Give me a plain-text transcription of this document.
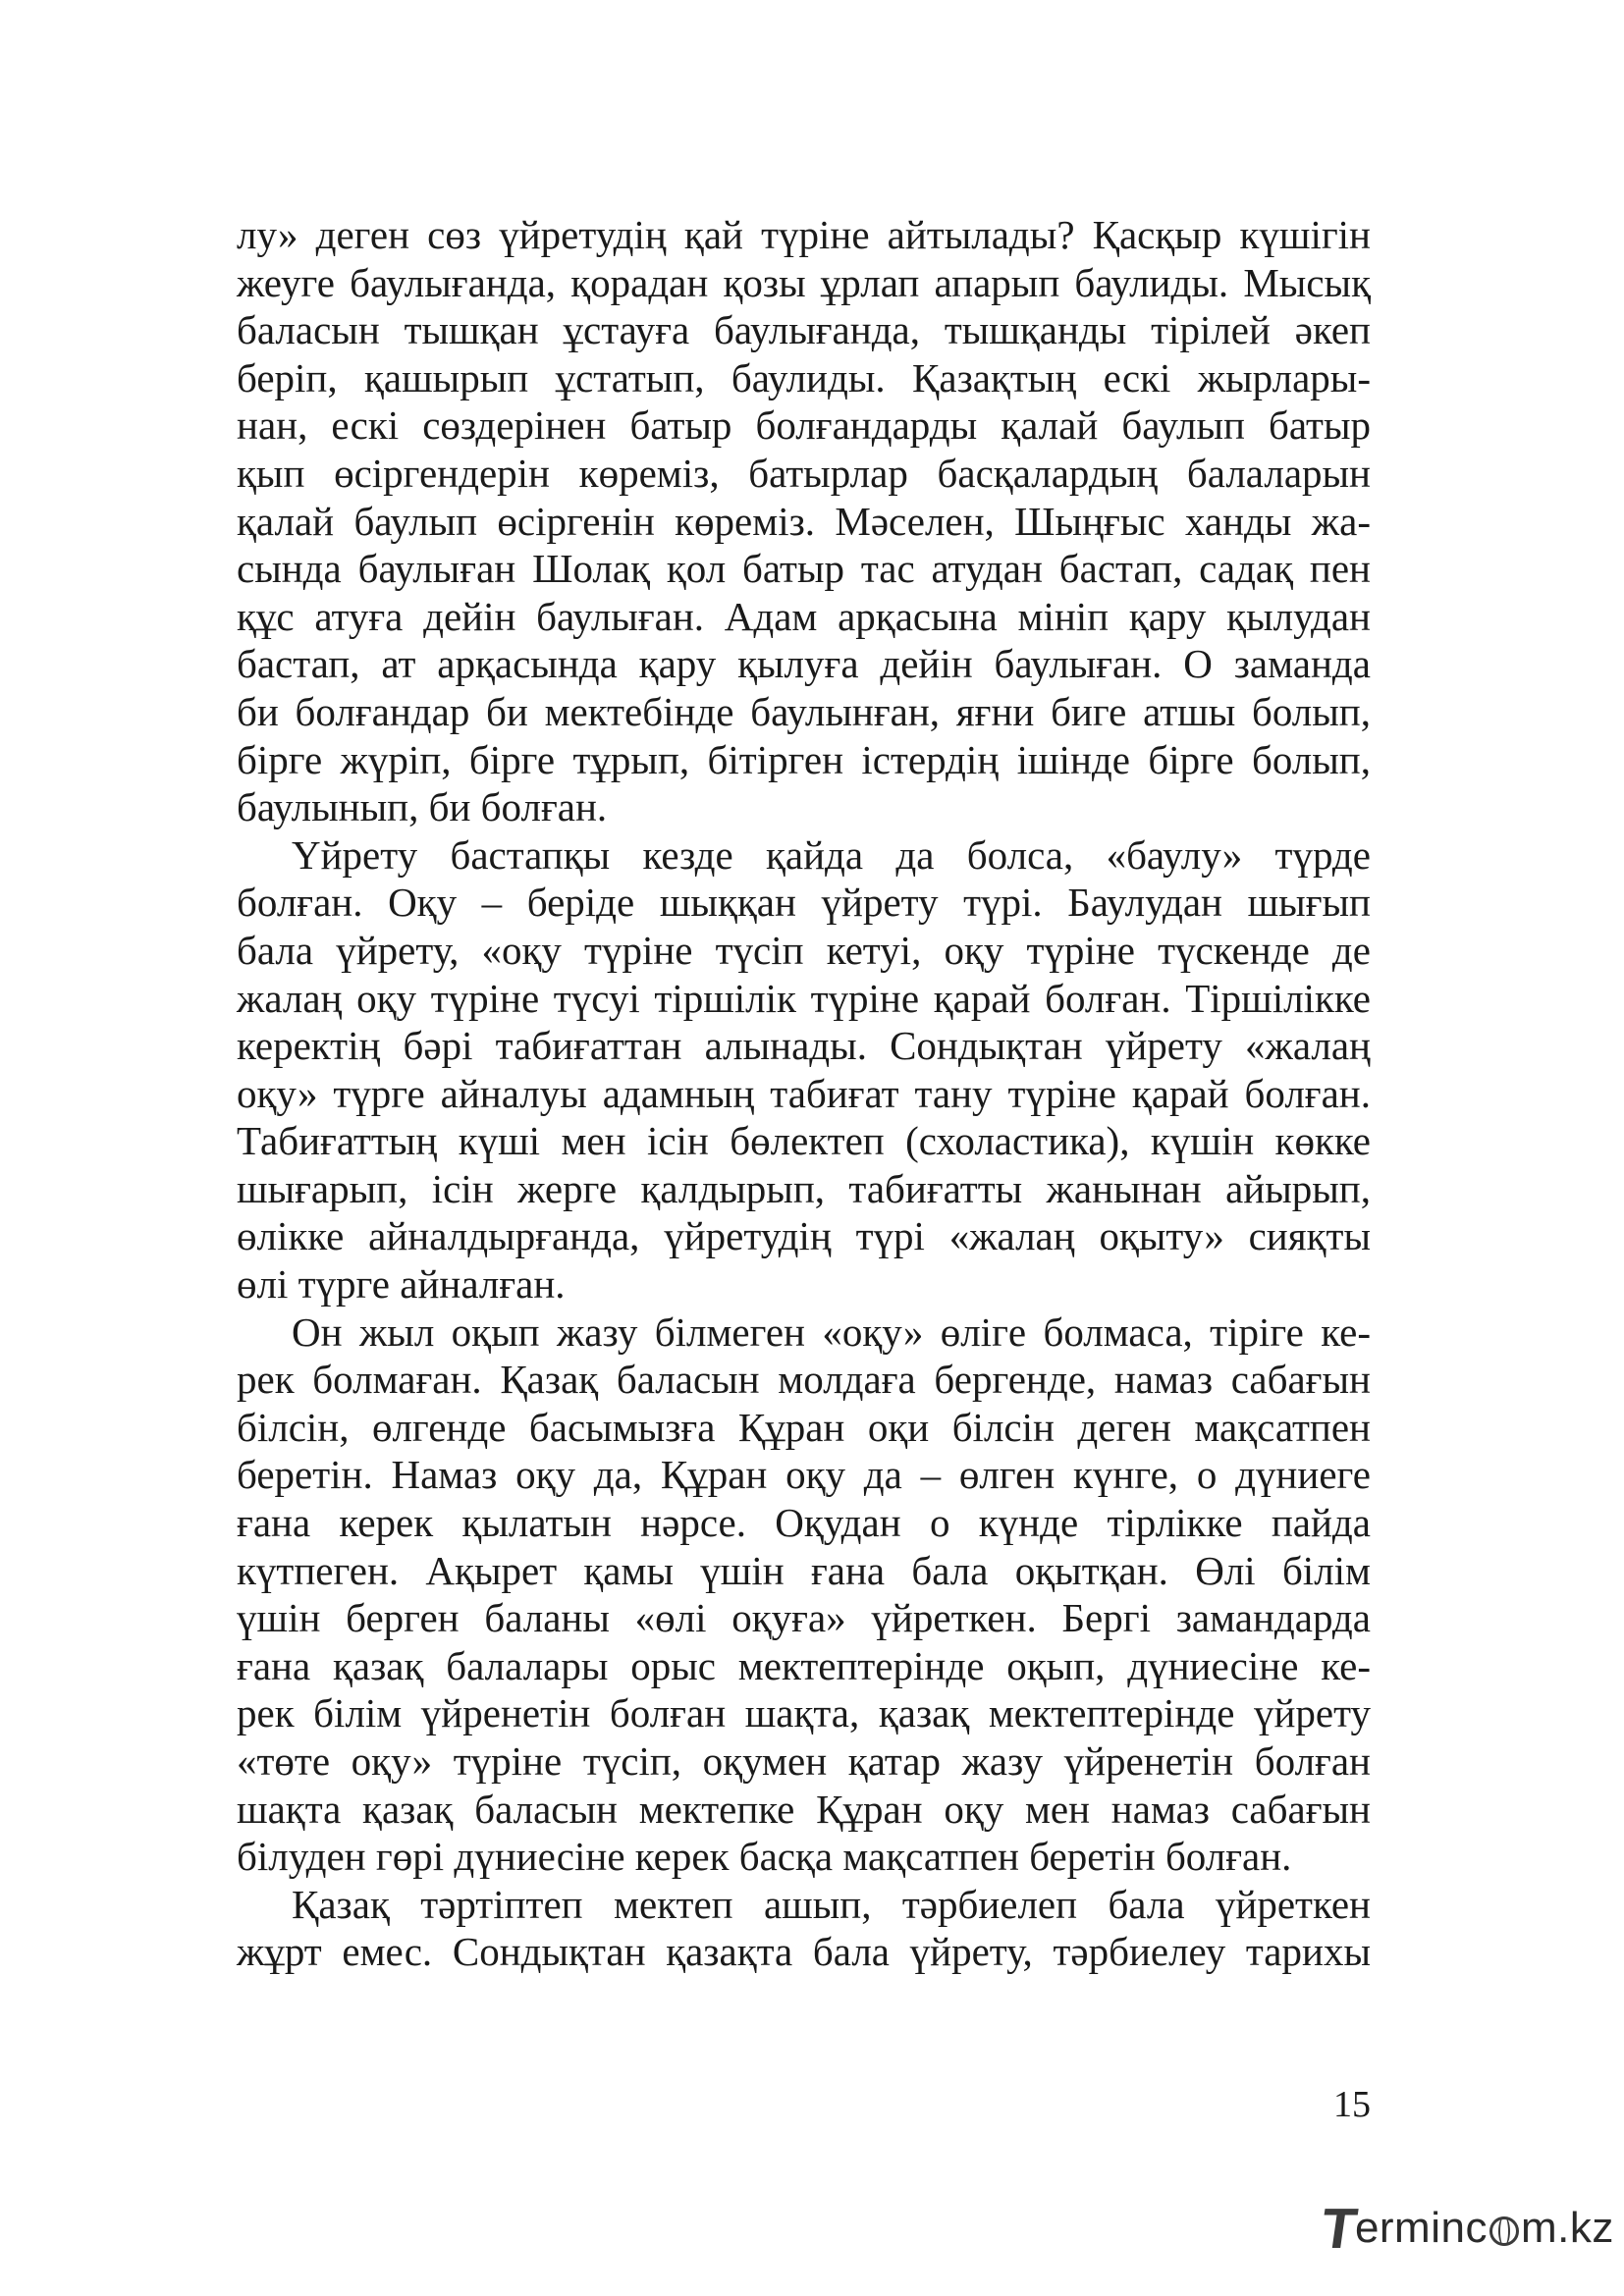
лу» деген сөз үйретудің қай түріне айтылады? Қасқыр күшігін
жеуге баулығанда, қорадан қозы ұрлап апарып баулиды. Мысық
баласын тышқан ұстауға баулығанда, тышқанды тірілей әкеп
беріп, қашырып ұстатып, баулиды. Қазақтың ескі жырлары-
нан, ескі сөздерінен батыр болғандарды қалай баулып батыр
қып өсіргендерін көреміз, батырлар басқалардың балаларын
қалай баулып өсіргенін көреміз. Мәселен, Шыңғыс ханды жа-
сында баулыған Шолақ қол батыр тас атудан бастап, садақ пен
құс атуға дейін баулыған. Адам арқасына мініп қару қылудан
бастап, ат арқасында қару қылуға дейін баулыған. О заманда
би болғандар би мектебінде баулынған, яғни биге атшы болып,
бірге жүріп, бірге тұрып, бітірген істердің ішінде бірге болып,
баулынып, би болған.
Үйрету бастапқы кезде қайда да болса, «баулу» түрде
болған. Оқу – беріде шыққан үйрету түрі. Баулудан шығып
бала үйрету, «оқу түріне түсіп кетуі, оқу түріне түскенде де
жалаң оқу түріне түсуі тіршілік түріне қарай болған. Тіршілікке
керектің бәрі табиғаттан алынады. Сондықтан үйрету «жалаң
оқу» түрге айналуы адамның табиғат тану түріне қарай болған.
Табиғаттың күші мен ісін бөлектеп (схоластика), күшін көкке
шығарып, ісін жерге қалдырып, табиғатты жанынан айырып,
өлікке айналдырғанда, үйретудің түрі «жалаң оқыту» сияқты
өлі түрге айналған.
Он жыл оқып жазу білмеген «оқу» өлігe болмаса, тіріге ке-
рек болмаған. Қазақ баласын молдаға бергенде, намаз сабағын
білсін, өлгенде басымызға Құран оқи білсін деген мақсатпен
беретін. Намаз оқу да, Құран оқу да – өлген күнге, о дүниеге
ғана керек қылатын нәрсе. Оқудан о күнде тірлікке пайда
күтпеген. Ақырет қамы үшін ғана бала оқытқан. Өлі білім
үшін берген баланы «өлі оқуға» үйреткен. Бергі замандарда
ғана қазақ балалары орыс мектептерінде оқып, дүниесіне ке-
рек білім үйренетін болған шақта, қазақ мектептерінде үйрету
«төте оқу» түріне түсіп, оқумен қатар жазу үйренетін болған
шақта қазақ баласын мектепке Құран оқу мен намаз сабағын
білуден гөрі дүниесіне керек басқа мақсатпен беретін болған.
Қазақ тәртіптеп мектеп ашып, тәрбиелеп бала үйреткен
жұрт емес. Сондықтан қазақта бала үйрету, тәрбиелеу тарихы
15
T
erminc m.kz
